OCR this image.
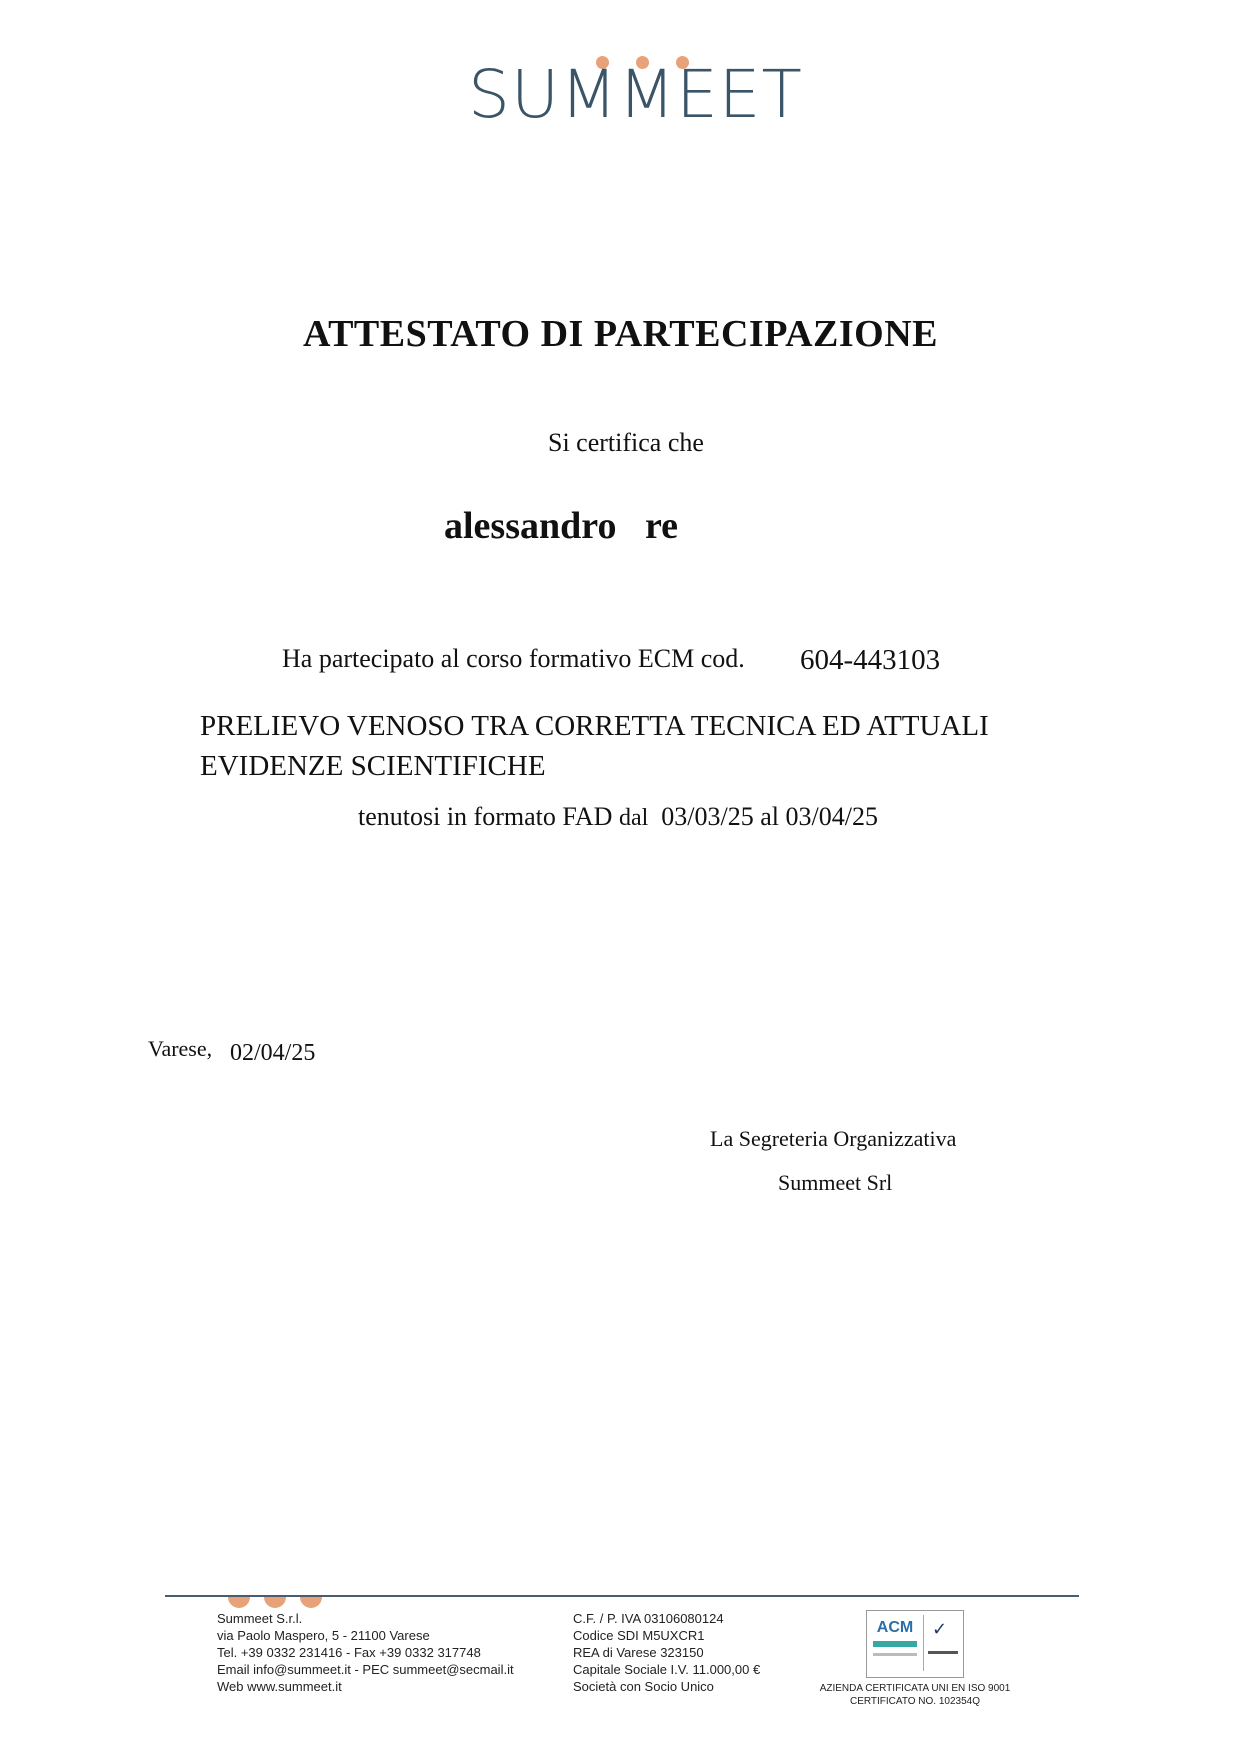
SUMMEET
ATTESTATO DI PARTECIPAZIONE
Si certifica che
alessandro   re
Ha partecipato al corso formativo ECM cod. 604-443103
PRELIEVO VENOSO TRA CORRETTA TECNICA ED ATTUALI EVIDENZE SCIENTIFICHE
tenutosi in formato FAD dal 03/03/25 al 03/04/25
Varese, 02/04/25
La Segreteria Organizzativa
Summeet Srl
Summeet S.r.l.
via Paolo Maspero, 5 - 21100 Varese
Tel. +39 0332 231416 - Fax +39 0332 317748
Email info@summeet.it - PEC summeet@secmail.it
Web www.summeet.it
C.F. / P. IVA 03106080124
Codice SDI M5UXCR1
REA di Varese 323150
Capitale Sociale I.V. 11.000,00 €
Società con Socio Unico
ACM ✓
AZIENDA CERTIFICATA UNI EN ISO 9001
CERTIFICATO NO. 102354Q
